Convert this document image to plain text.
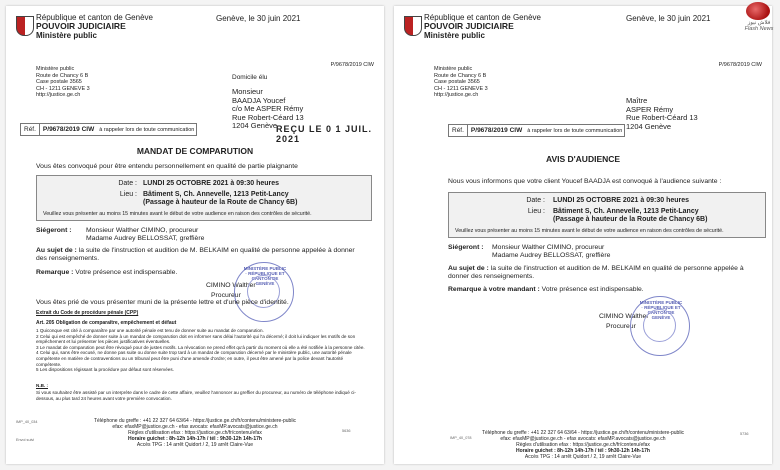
République et canton de Genève
POUVOIR JUDICIAIRE
Ministère public
Genève, le 30 juin 2021
P/9678/2019 CIW
Ministère public
Route de Chancy 6 B
Case postale 3565
CH - 1211 GENEVE 3
http://justice.ge.ch
Domicile élu
Monsieur
BAADJA Youcef
c/o Me ASPER Rémy
Rue Robert-Céard 13
1204 Genève
Réf. P/9678/2019 CIW à rappeler lors de toute communication	REÇU LE 0 1 JUIL. 2021
MANDAT DE COMPARUTION
Vous êtes convoqué pour être entendu personnellement en qualité de partie plaignante
Date : LUNDI 25 OCTOBRE 2021 à 09:30 heures
Lieu : Bâtiment S, Ch. Annevelle, 1213 Petit-Lancy
(Passage à hauteur de la Route de Chancy 6B)
Veuillez vous présenter au moins 15 minutes avant le début de votre audience en raison des contrôles de sécurité.
Siégeront : Monsieur Walther CIMINO, procureur
Madame Audrey BELLOSSAT, greffière
Au sujet de : la suite de l'instruction et audition de M. BELKAIM en qualité de personne appelée à donner des renseignements.
Remarque : Votre présence est indispensable.
CIMINO Walther
Procureur
MINISTÈRE PUBLIC · RÉPUBLIQUE ET CANTON DE GENÈVE
Vous êtes prié de vous présenter muni de la présente lettre et d'une pièce d'identité.
Extrait du Code de procédure pénale (CPP)
Art. 205 Obligation de comparaître, empêchement et défaut
1 Quiconque est cité à comparaître par une autorité pénale est tenu de donner suite au mandat de comparution.
2 Celui qui est empêché de donner suite à un mandat de comparution doit en informer sans délai l'autorité qui l'a décerné; il doit lui indiquer les motifs de son empêchement et lui présenter les pièces justificatives éventuelles.
3 Le mandat de comparution peut être révoqué pour de justes motifs. La révocation ne prend effet qu'à partir du moment où elle a été notifiée à la personne citée.
4 Celui qui, sans être excusé, ne donne pas suite ou donne suite trop tard à un mandat de comparution décerné par le ministère public, une autorité pénale compétente en matière de contraventions ou un tribunal peut être puni d'une amende d'ordre; en outre, il peut être amené par la police devant l'autorité compétente.
5 Les dispositions régissant la procédure par défaut sont réservées.
N.B. :
Si vous souhaitez être assisté par un interprète dans le cadre de cette affaire, veuillez l'annoncer au greffier du procureur, au numéro de téléphone indiqué ci-dessous, au plus tard 24 heures avant votre première convocation.
Téléphone du greffe : +41 22 327 64 63/64 - https://justice.ge.ch/fr/contenu/ministere-public
efax: efaxMP@justice.ge.ch - efax avocats: efaxMP.avocats@justice.ge.ch
Règles d'utilisation efax : https://justice.ge.ch/fr/contenu/efax
Horaire guichet : 8h-12h 14h-17h / tél : 9h30-12h 14h-17h
Accès TPG : 14 arrêt Quidort / 2, 19 arrêt Claire-Vue
IMP_40_034
Envoi suivi
5636
République et canton de Genève
POUVOIR JUDICIAIRE
Ministère public
Genève, le 30 juin 2021
P/9678/2019 CIW
Ministère public
Route de Chancy 6 B
Case postale 3565
CH - 1211 GENEVE 3
http://justice.ge.ch
Maître
ASPER Rémy
Rue Robert-Céard 13
1204 Genève
Réf. P/9678/2019 CIW à rappeler lors de toute communication
AVIS D'AUDIENCE
Nous vous informons que votre client Youcef BAADJA est convoqué à l'audience suivante :
Date : LUNDI 25 OCTOBRE 2021 à 09:30 heures
Lieu : Bâtiment S, Ch. Annevelle, 1213 Petit-Lancy
(Passage à hauteur de la Route de Chancy 6B)
Veuillez vous présenter au moins 15 minutes avant le début de votre audience en raison des contrôles de sécurité.
Siégeront : Monsieur Walther CIMINO, procureur
Madame Audrey BELLOSSAT, greffière
Au sujet de : la suite de l'instruction et audition de M. BELKAIM en qualité de personne appelée à donner des renseignements.
Remarque à votre mandant : Votre présence est indispensable.
CIMINO Walther
Procureur
MINISTÈRE PUBLIC · RÉPUBLIQUE ET CANTON DE GENÈVE
Téléphone du greffe : +41 22 327 64 63/64 - https://justice.ge.ch/fr/contenu/ministere-public
efax: efaxMP@justice.ge.ch - efax avocats: efaxMP.avocats@justice.ge.ch
Règles d'utilisation efax : https://justice.ge.ch/fr/contenu/efax
Horaire guichet : 8h-12h 14h-17h / tél : 9h30-12h 14h-17h
Accès TPG : 14 arrêt Quidort / 2, 19 arrêt Claire-Vue
IMP_40_078
5736
فلاش نيوز
Flash News
